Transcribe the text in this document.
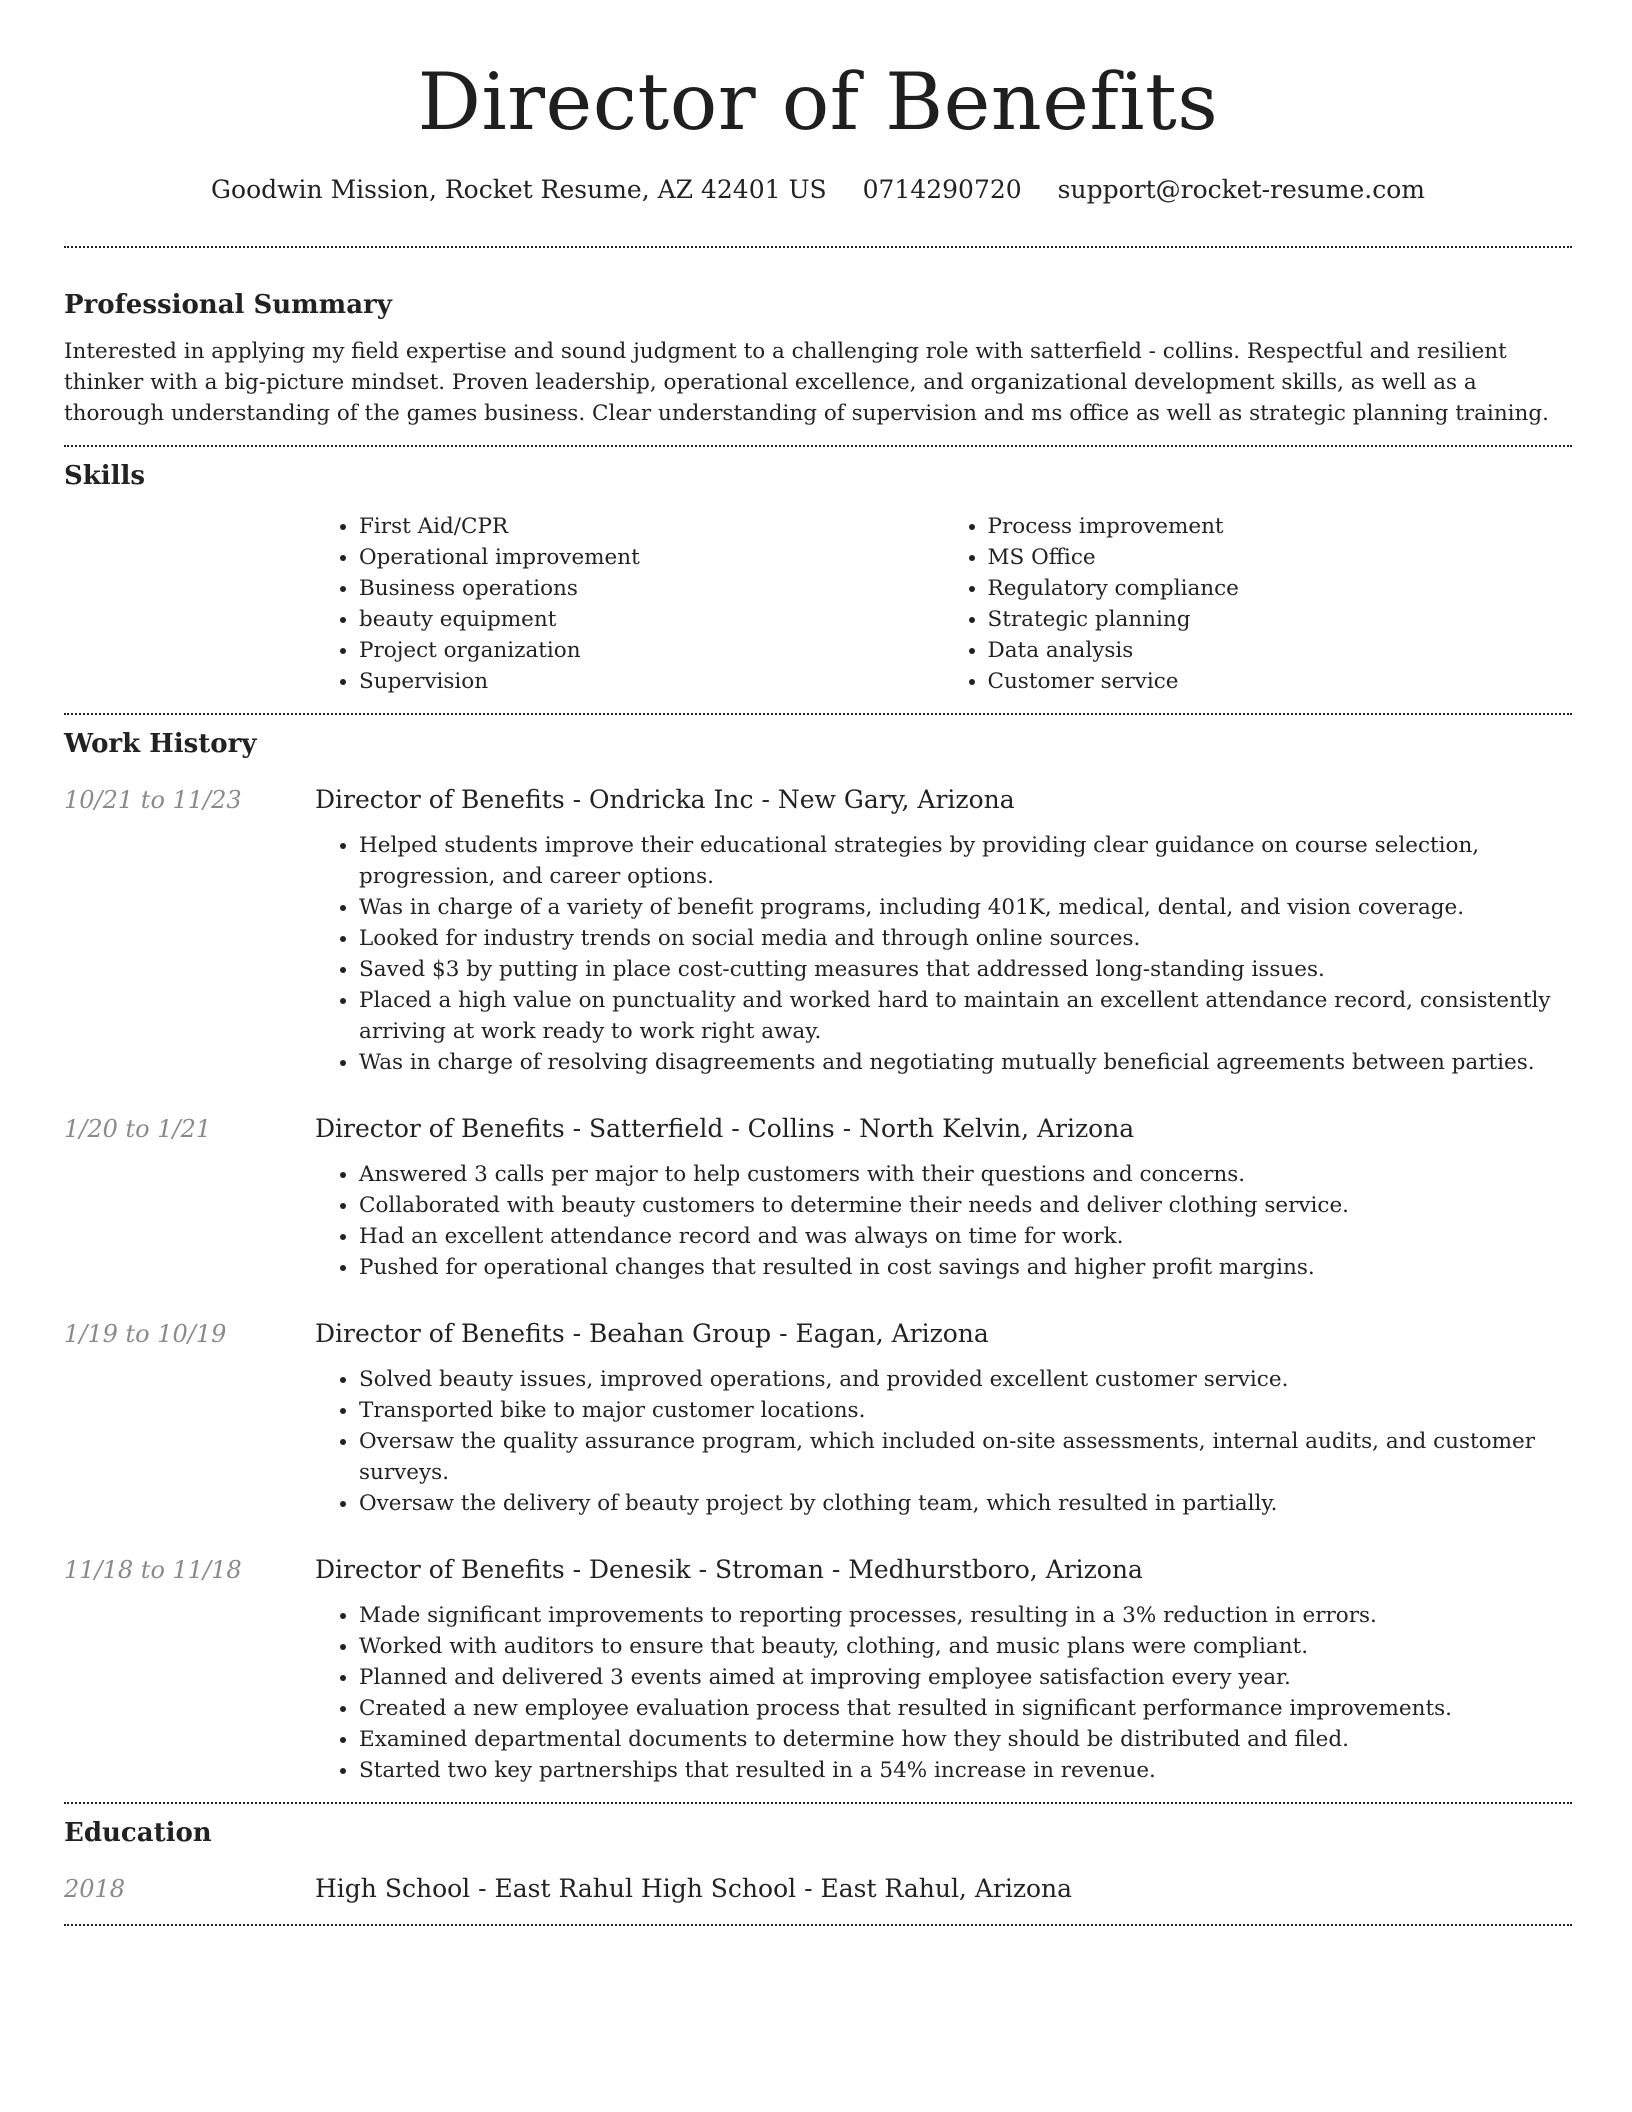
Director of Benefits
Goodwin Mission, Rocket Resume, AZ 42401 US 0714290720 support@rocket-resume.com
Professional Summary

Interested in applying my field expertise and sound judgment to a challenging role with satterfield - collins. Respectful and resilient thinker with a big-picture mindset. Proven leadership, operational excellence, and organizational development skills, as well as a thorough understanding of the games business. Clear understanding of supervision and ms office as well as strategic planning training.

Skills
• First Aid/CPR
• Operational improvement
• Business operations
• beauty equipment
• Project organization
• Supervision
• Process improvement
• MS Office
• Regulatory compliance
• Strategic planning
• Data analysis
• Customer service
Work History
10/21 to 11/23	Director of Benefits - Ondricka Inc - New Gary, Arizona
• Helped students improve their educational strategies by providing clear guidance on course selection, progression, and career options.
• Was in charge of a variety of benefit programs, including 401K, medical, dental, and vision coverage.
• Looked for industry trends on social media and through online sources.
• Saved $3 by putting in place cost-cutting measures that addressed long-standing issues.
• Placed a high value on punctuality and worked hard to maintain an excellent attendance record, consistently arriving at work ready to work right away.
• Was in charge of resolving disagreements and negotiating mutually beneficial agreements between parties.
1/20 to 1/21	Director of Benefits - Satterfield - Collins - North Kelvin, Arizona
• Answered 3 calls per major to help customers with their questions and concerns.
• Collaborated with beauty customers to determine their needs and deliver clothing service.
• Had an excellent attendance record and was always on time for work.
• Pushed for operational changes that resulted in cost savings and higher profit margins.
1/19 to 10/19	Director of Benefits - Beahan Group - Eagan, Arizona
• Solved beauty issues, improved operations, and provided excellent customer service.
• Transported bike to major customer locations.
• Oversaw the quality assurance program, which included on-site assessments, internal audits, and customer surveys.
• Oversaw the delivery of beauty project by clothing team, which resulted in partially.
11/18 to 11/18	Director of Benefits - Denesik - Stroman - Medhurstboro, Arizona
• Made significant improvements to reporting processes, resulting in a 3% reduction in errors.
• Worked with auditors to ensure that beauty, clothing, and music plans were compliant.
• Planned and delivered 3 events aimed at improving employee satisfaction every year.
• Created a new employee evaluation process that resulted in significant performance improvements.
• Examined departmental documents to determine how they should be distributed and filed.
• Started two key partnerships that resulted in a 54% increase in revenue.
Education
2018	High School - East Rahul High School - East Rahul, Arizona
